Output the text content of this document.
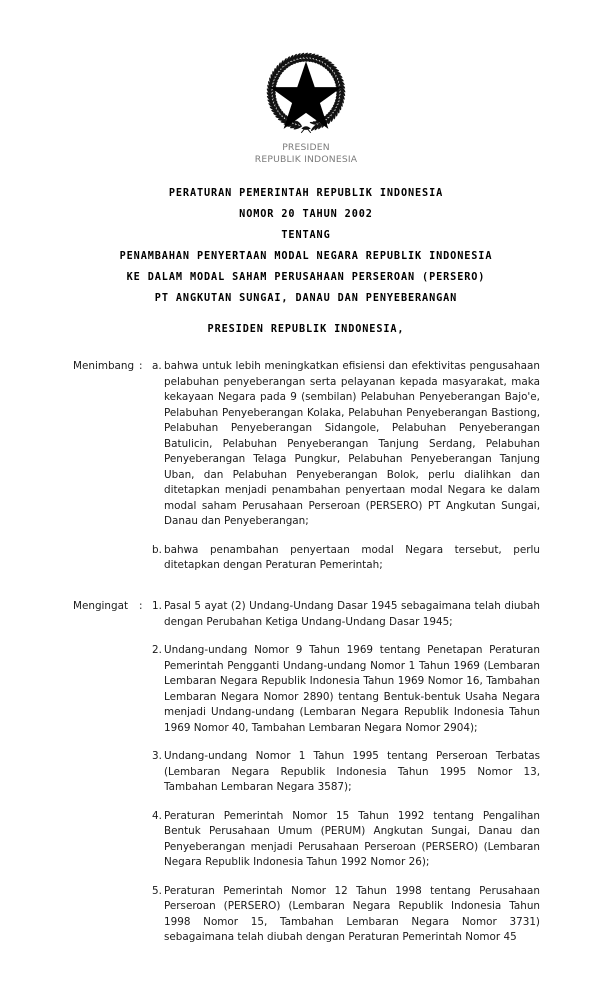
PRESIDEN
REPUBLIK INDONESIA
PERATURAN PEMERINTAH REPUBLIK INDONESIA
NOMOR 20 TAHUN 2002
TENTANG
PENAMBAHAN PENYERTAAN MODAL NEGARA REPUBLIK INDONESIA
KE DALAM MODAL SAHAM PERUSAHAAN PERSEROAN (PERSERO)
PT ANGKUTAN SUNGAI, DANAU DAN PENYEBERANGAN
PRESIDEN REPUBLIK INDONESIA,
Menimbang : a. bahwa untuk lebih meningkatkan efisiensi dan efektivitas pengusahaan pelabuhan penyeberangan serta pelayanan kepada masyarakat, maka kekayaan Negara pada 9 (sembilan) Pelabuhan Penyeberangan Bajo'e, Pelabuhan Penyeberangan Kolaka, Pelabuhan Penyeberangan Bastiong, Pelabuhan Penyeberangan Sidangole, Pelabuhan Penyeberangan Batulicin, Pelabuhan Penyeberangan Tanjung Serdang, Pelabuhan Penyeberangan Telaga Pungkur, Pelabuhan Penyeberangan Tanjung Uban, dan Pelabuhan Penyeberangan Bolok, perlu dialihkan dan ditetapkan menjadi penambahan penyertaan modal Negara ke dalam modal saham Perusahaan Perseroan (PERSERO) PT Angkutan Sungai, Danau dan Penyeberangan;
b. bahwa penambahan penyertaan modal Negara tersebut, perlu ditetapkan dengan Peraturan Pemerintah;
Mengingat	: 1. Pasal 5 ayat (2) Undang-Undang Dasar 1945 sebagaimana telah diubah dengan Perubahan Ketiga Undang-Undang Dasar 1945;
2. Undang-undang Nomor 9 Tahun 1969 tentang Penetapan Peraturan Pemerintah Pengganti Undang-undang Nomor 1 Tahun 1969 (Lembaran Lembaran Negara Republik Indonesia Tahun 1969 Nomor 16, Tambahan Lembaran Negara Nomor 2890) tentang Bentuk-bentuk Usaha Negara menjadi Undang-undang (Lembaran Negara Republik Indonesia Tahun 1969 Nomor 40, Tambahan Lembaran Negara Nomor 2904);
3. Undang-undang Nomor 1 Tahun 1995 tentang Perseroan Terbatas (Lembaran Negara Republik Indonesia Tahun 1995 Nomor 13, Tambahan Lembaran Negara 3587);
4. Peraturan Pemerintah Nomor 15 Tahun 1992 tentang Pengalihan Bentuk Perusahaan Umum (PERUM) Angkutan Sungai, Danau dan Penyeberangan menjadi Perusahaan Perseroan (PERSERO) (Lembaran Negara Republik Indonesia Tahun 1992 Nomor 26);
5. Peraturan Pemerintah Nomor 12 Tahun 1998 tentang Perusahaan Perseroan (PERSERO) (Lembaran Negara Republik Indonesia Tahun 1998 Nomor 15, Tambahan Lembaran Negara Nomor 3731) sebagaimana telah diubah dengan Peraturan Pemerintah Nomor 45
